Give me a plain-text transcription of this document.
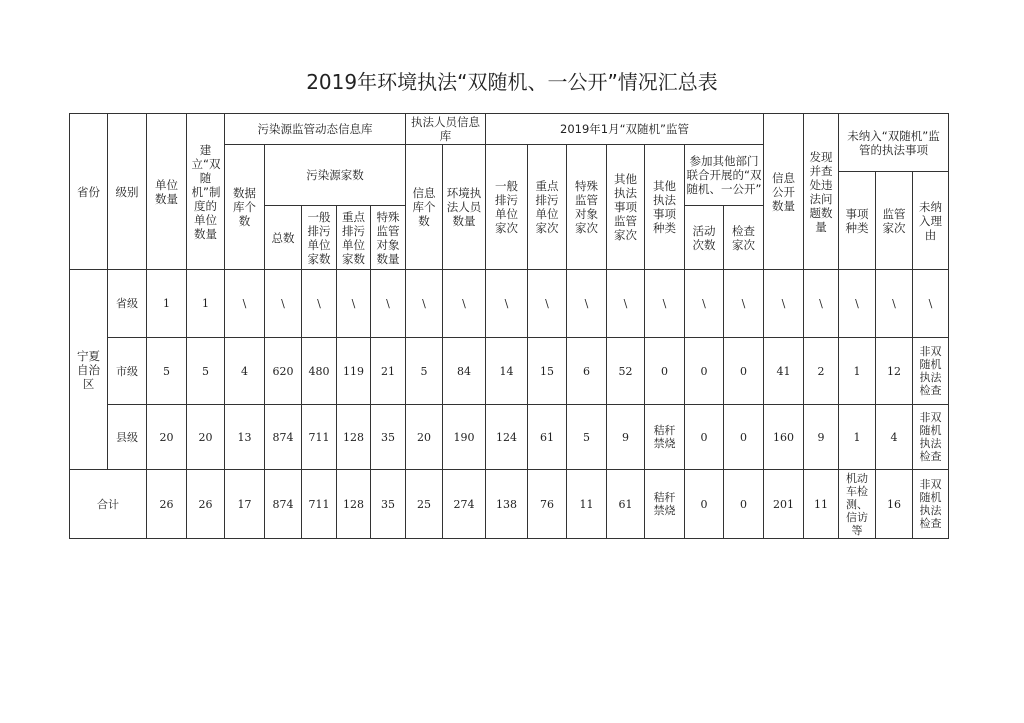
2019年环境执法“双随机、一公开”情况汇总表
省份	级别	单位数量	建立“双随机”制度的单位数量	污染源监管动态信息库					执法人员信息库		2019年1月“双随机”监管							信息公开数量	发现并查处违法问题数量	未纳入“双随机”监管的执法事项		

				数据库个数	污染源家数				信息库个数	环境执法人员数量	一般排污单位家次	重点排污单位家次	特殊监管对象家次	其他执法事项监管家次	其他执法事项种类	参加其他部门联合开展的“双随机、一公开”						

																				事项种类	监管家次	未纳入理由

					总数	一般排污单位家数	重点排污单位家数	特殊监管对象数量								活动次数	检查家次					

宁夏自治区	省级	1	1	\	\	\	\	\	\	\	\	\	\	\	\	\	\	\	\	\	\	\
	市级	5	5	4	620	480	119	21	5	84	14	15	6	52	0	0	0	41	2	1	12	非双随机执法检查

	县级	20	20	13	874	711	128	35	20	190	124	61	5	9	秸秆禁烧	0	0	160	9	1	4	非双随机执法检查

合计		26	26	17	874	711	128	35	25	274	138	76	11	61	秸秆禁烧	0	0	201	11	机动车检测、信访等	16	非双随机执法检查
